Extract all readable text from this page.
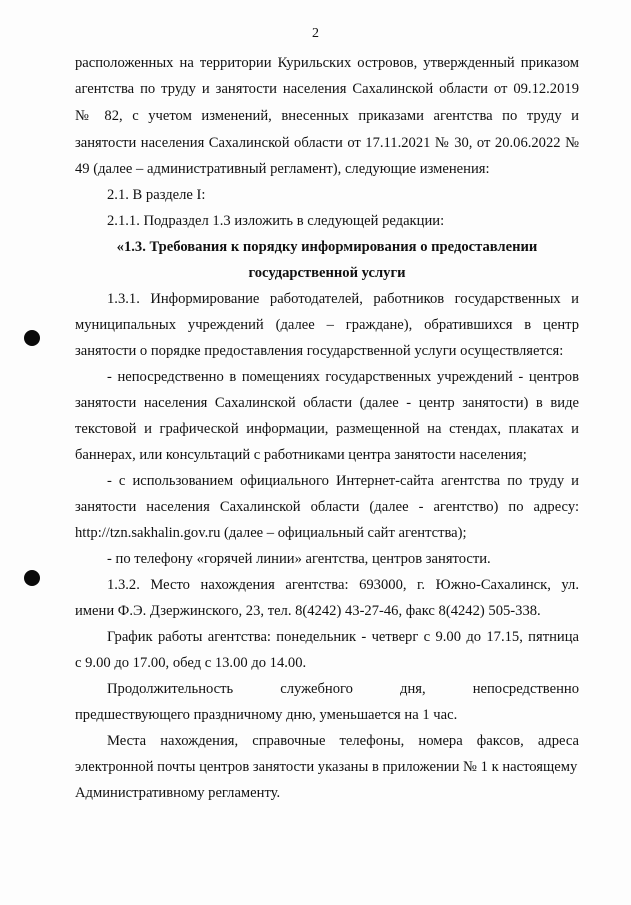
2
расположенных на территории Курильских островов, утвержденный приказом
агентства по труду и занятости населения Сахалинской области от 09.12.2019
№ 82, с учетом изменений, внесенных приказами агентства по труду и
занятости населения Сахалинской области от 17.11.2021 № 30, от 20.06.2022 №
49 (далее – административный регламент), следующие изменения:
2.1. В разделе I:
2.1.1. Подраздел 1.3 изложить в следующей редакции:
«1.3. Требования к порядку информирования о предоставлении
государственной услуги
1.3.1. Информирование работодателей, работников государственных и
муниципальных учреждений (далее – граждане), обратившихся в центр
занятости о порядке предоставления государственной услуги осуществляется:
- непосредственно в помещениях государственных учреждений - центров
занятости населения Сахалинской области (далее - центр занятости) в виде
текстовой и графической информации, размещенной на стендах, плакатах и
баннерах, или консультаций с работниками центра занятости населения;
- с использованием официального Интернет-сайта агентства по труду и
занятости населения Сахалинской области (далее - агентство) по адресу:
http://tzn.sakhalin.gov.ru (далее – официальный сайт агентства);
- по телефону «горячей линии» агентства, центров занятости.
1.3.2. Место нахождения агентства: 693000, г. Южно-Сахалинск, ул.
имени Ф.Э. Дзержинского, 23, тел. 8(4242) 43-27-46, факс 8(4242) 505-338.
График работы агентства: понедельник - четверг с 9.00 до 17.15, пятница
с 9.00 до 17.00, обед с 13.00 до 14.00.
Продолжительность служебного дня, непосредственно
предшествующего праздничному дню, уменьшается на 1 час.
Места нахождения, справочные телефоны, номера факсов, адреса
электронной почты центров занятости указаны в приложении № 1 к настоящему
Административному регламенту.
